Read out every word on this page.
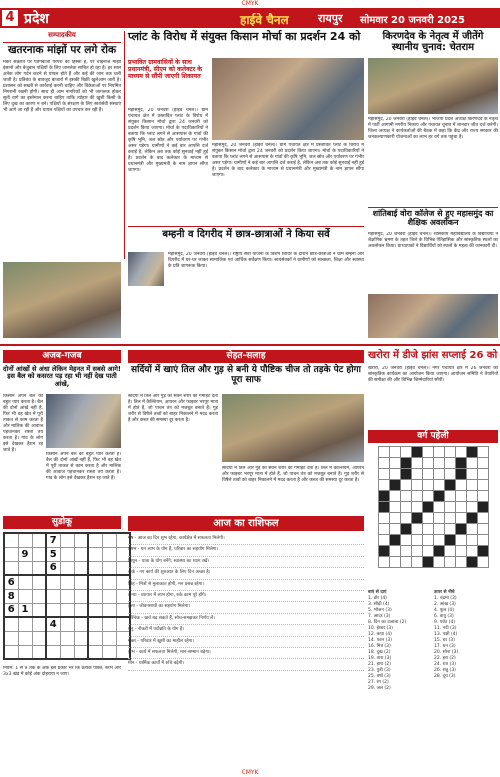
CMYK
4 प्रदेश	हाईवे चैनल	रायपुर सोमवार 20 जनवरी 2025
सम्पादकीय
खतरनाक मांझों पर लगे रोक
मकर संक्रांति पर पतंगबाजी परंपरा का हिस्सा है, पर चाइनीज मांझा इंसानों और बेजुबान पक्षियों के लिए जानलेवा साबित हो रहा है। हर साल अनेक लोग गर्दन कटने से घायल होते हैं और कई की जान तक चली जाती है। प्रतिबंध के बावजूद बाजारों में इसकी बिक्री खुलेआम जारी है। प्रशासन को सख्ती से कार्रवाई करनी चाहिए और विक्रेताओं पर नियमित निगरानी रखनी होगी। साथ ही आम नागरिकों को भी जागरूक होकर सूती धागे का इस्तेमाल करना चाहिए ताकि त्योहार की खुशी किसी के लिए दुख का कारण न बने। पक्षियों के संरक्षण के लिए स्वयंसेवी संस्थाएं भी आगे आ रही हैं और घायल पक्षियों का उपचार कर रही हैं।
प्लांट के विरोध में संयुक्त किसान मोर्चा का प्रदर्शन 24 को
प्रभावित ग्रामवासियों के साथ प्रधानमंत्री, सीएम को कलेक्टर के माध्यम से सौंपी जाएगी शिकायत
महासमुंद, 20 जनवरी (हाईवे चैनल)। ग्राम पंचायत क्षेत्र में प्रस्तावित प्लांट के विरोध में संयुक्त किसान मोर्चा द्वारा 24 जनवरी को प्रदर्शन किया जाएगा। मोर्चा के पदाधिकारियों ने बताया कि प्लांट लगने से आसपास के गांवों की कृषि भूमि, जल स्रोत और पर्यावरण पर गंभीर असर पड़ेगा। ग्रामीणों ने कई बार आपत्ति दर्ज कराई है, लेकिन अब तक कोई सुनवाई नहीं हुई है। प्रदर्शन के बाद कलेक्टर के माध्यम से प्रधानमंत्री और मुख्यमंत्री के नाम ज्ञापन सौंपा जाएगा।
महासमुंद, 20 जनवरी (हाईवे चैनल)। ग्राम पंचायत क्षेत्र में प्रस्तावित प्लांट के विरोध में संयुक्त किसान मोर्चा द्वारा 24 जनवरी को प्रदर्शन किया जाएगा। मोर्चा के पदाधिकारियों ने बताया कि प्लांट लगने से आसपास के गांवों की कृषि भूमि, जल स्रोत और पर्यावरण पर गंभीर असर पड़ेगा। ग्रामीणों ने कई बार आपत्ति दर्ज कराई है, लेकिन अब तक कोई सुनवाई नहीं हुई है। प्रदर्शन के बाद कलेक्टर के माध्यम से प्रधानमंत्री और मुख्यमंत्री के नाम ज्ञापन सौंपा जाएगा।
किरणदेव के नेतृत्व में जीतेंगे स्थानीय चुनाव: चेतराम
महासमुंद, 20 जनवरी (हाईवे चैनल)। भाजपा प्रदेश अध्यक्ष किरणदेव के नेतृत्व में पार्टी आगामी नगरीय निकाय और पंचायत चुनाव में शानदार जीत दर्ज करेगी। जिला अध्यक्ष ने कार्यकर्ताओं की बैठक में कहा कि केंद्र और राज्य सरकार की जनकल्याणकारी योजनाओं का लाभ हर वर्ग तक पहुंचा है।
बम्हनी व दिगरीद में छात्र-छात्राओं ने किया सर्वे
महासमुंद, 20 जनवरी (हाईवे चैनल)। राष्ट्रीय सेवा योजना के विशेष शिविर के दौरान छात्र-छात्राओं ने ग्राम बम्हनी और दिगरीद में घर-घर जाकर सामाजिक एवं आर्थिक सर्वेक्षण किया। स्वयंसेवकों ने ग्रामीणों को स्वच्छता, शिक्षा और स्वास्थ्य के प्रति जागरूक किया।
शांतिबाई वोरा कॉलेज से हुए महासमुंद का शैक्षिक अवलोकन
महासमुंद, 20 जनवरी (हाईवे चैनल)। शासकीय महाविद्यालय के विद्यार्थियों ने शैक्षणिक भ्रमण के तहत जिले के विभिन्न ऐतिहासिक और सांस्कृतिक स्थलों का अवलोकन किया। प्राध्यापकों ने विद्यार्थियों को स्थलों के महत्व की जानकारी दी।
अजब-गजब
दोनों आंखों से अंधा लेकिन मेहनत में सबसे आगे! इस बैल को कसरत पड़ रहा भी नहीं देख पाती आंखे,
किसान अपने बैल को बहुत प्यार करता है। बैल की दोनों आंखें नहीं हैं, फिर भी वह खेत में पूरी ताकत से काम करता है और मालिक की आवाज पहचानकर रास्ता तय करता है। गांव के लोग इसे देखकर हैरान रह जाते हैं।
किसान अपने बैल को बहुत प्यार करता है। बैल की दोनों आंखें नहीं हैं, फिर भी वह खेत में पूरी ताकत से काम करता है और मालिक की आवाज पहचानकर रास्ता तय करता है। गांव के लोग इसे देखकर हैरान रह जाते हैं।
सेहत-सलाह
सर्दियों में खाएं तिल और गुड़ से बनी ये पौष्टिक चीज तो तड़के पेट होगा पूरा साफ
सर्दियों में तिल और गुड़ का सेवन शरीर को गर्माहट देता है। तिल में कैल्शियम, आयरन और फाइबर भरपूर मात्रा में होते हैं, जो पाचन तंत्र को मजबूत बनाते हैं। गुड़ शरीर से विषैले तत्वों को बाहर निकालने में मदद करता है और कब्ज की समस्या दूर करता है।
सर्दियों में तिल और गुड़ का सेवन शरीर को गर्माहट देता है। तिल में कैल्शियम, आयरन और फाइबर भरपूर मात्रा में होते हैं, जो पाचन तंत्र को मजबूत बनाते हैं। गुड़ शरीर से विषैले तत्वों को बाहर निकालने में मदद करता है और कब्ज की समस्या दूर करता है।
खरोरा में डीजे झांस सप्लाई 26 को
खरोरा, 20 जनवरी (हाईवे चैनल)। नगर पंचायत क्षेत्र में 26 जनवरी को सांस्कृतिक कार्यक्रम का आयोजन किया जाएगा। आयोजन समिति ने तैयारियों की समीक्षा की और विभिन्न जिम्मेदारियां सौंपीं।
वर्ग पहेली

सुडोकू
			7					
	9		5					
			6					
6								
8								
6	1							
			4					

नियम: 1 से 9 तक के अंक इस प्रकार भरें कि प्रत्येक पंक्ति, स्तंभ और 3x3 खंड में कोई अंक दोहराया न जाए।
आज का राशिफल
मेष - आज का दिन शुभ रहेगा, कार्यक्षेत्र में सफलता मिलेगी।
वृषभ - धन लाभ के योग हैं, परिवार का सहयोग मिलेगा।
मिथुन - यात्रा के योग बनेंगे, स्वास्थ्य का ध्यान रखें।
कर्क - नए कार्य की शुरुआत के लिए दिन अच्छा है।
सिंह - मित्रों से मुलाकात होगी, मन प्रसन्न रहेगा।
कन्या - व्यापार में लाभ होगा, रुके काम पूरे होंगे।
तुला - जीवनसाथी का सहयोग मिलेगा।
वृश्चिक - खर्च बढ़ सकते हैं, सोच-समझकर निर्णय लें।
धनु - नौकरी में पदोन्नति के योग हैं।
मकर - परिवार में खुशी का माहौल रहेगा।
कुंभ - कार्य में सफलता मिलेगी, मान-सम्मान बढ़ेगा।
मीन - धार्मिक कार्यों में रुचि बढ़ेगी।
बाएं से दाएं
1. डोर (4)
3. सीढ़ी (4)
5. भोजन (3)
7. आदर (3)
8. दिन का उजाला (2)
10. ईश्वर (3)
12. कथा (4)
14. पवन (3)
16. मित्र (3)
18. दुख (2)
19. तारा (3)
21. हाथ (2)
23. पुत्री (3)
25. वर्षा (3)
27. रंग (2)
29. जल (2)
ऊपर से नीचे
1. चंद्रमा (3)
2. आंख (3)
4. फूल (4)
6. वायु (3)
9. पर्वत (4)
11. नदी (3)
13. पक्षी (4)
15. घर (3)
17. धन (3)
20. सोना (3)
22. हरा (2)
24. रात (3)
26. शत्रु (3)
28. दूध (3)
CMYK
